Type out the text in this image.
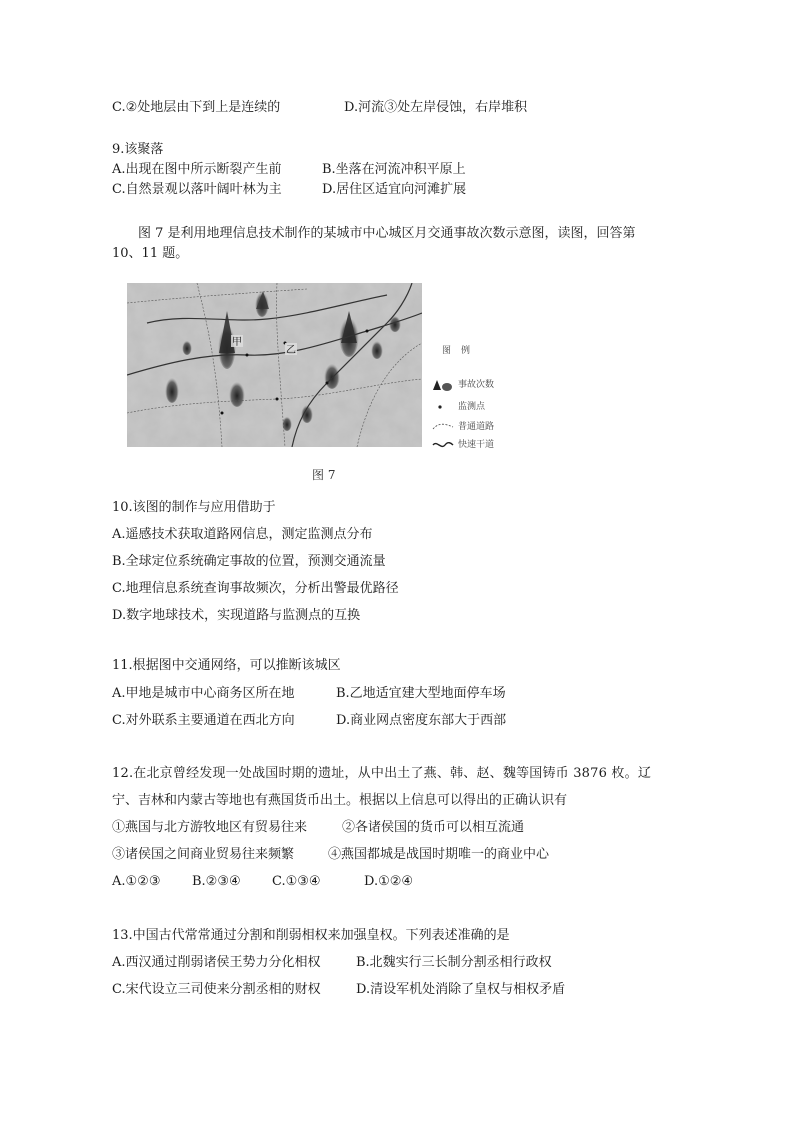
C.②处地层由下到上是连续的	D.河流③处左岸侵蚀，右岸堆积
9.该聚落
A.出现在图中所示断裂产生前	B.坐落在河流冲积平原上
C.自然景观以落叶阔叶林为主	D.居住区适宜向河滩扩展
图 7 是利用地理信息技术制作的某城市中心城区月交通事故次数示意图，读图，回答第
10、11 题。
甲
乙	图例
事故次数
监测点
普通道路
快速干道
图 7
10.该图的制作与应用借助于
A.遥感技术获取道路网信息，测定监测点分布
B.全球定位系统确定事故的位置，预测交通流量
C.地理信息系统查询事故频次，分析出警最优路径
D.数字地球技术，实现道路与监测点的互换
11.根据图中交通网络，可以推断该城区
A.甲地是城市中心商务区所在地	B.乙地适宜建大型地面停车场
C.对外联系主要通道在西北方向	D.商业网点密度东部大于西部
12.在北京曾经发现一处战国时期的遗址，从中出土了燕、韩、赵、魏等国铸币 3876 枚。辽
宁、吉林和内蒙古等地也有燕国货币出土。根据以上信息可以得出的正确认识有
①燕国与北方游牧地区有贸易往来	②各诸侯国的货币可以相互流通
③诸侯国之间商业贸易往来频繁	④燕国都城是战国时期唯一的商业中心
A.①②③ B.②③④ C.①③④	D.①②④
13.中国古代常常通过分割和削弱相权来加强皇权。下列表述准确的是
A.西汉通过削弱诸侯王势力分化相权	B.北魏实行三长制分割丞相行政权
C.宋代设立三司使来分割丞相的财权	D.清设军机处消除了皇权与相权矛盾
